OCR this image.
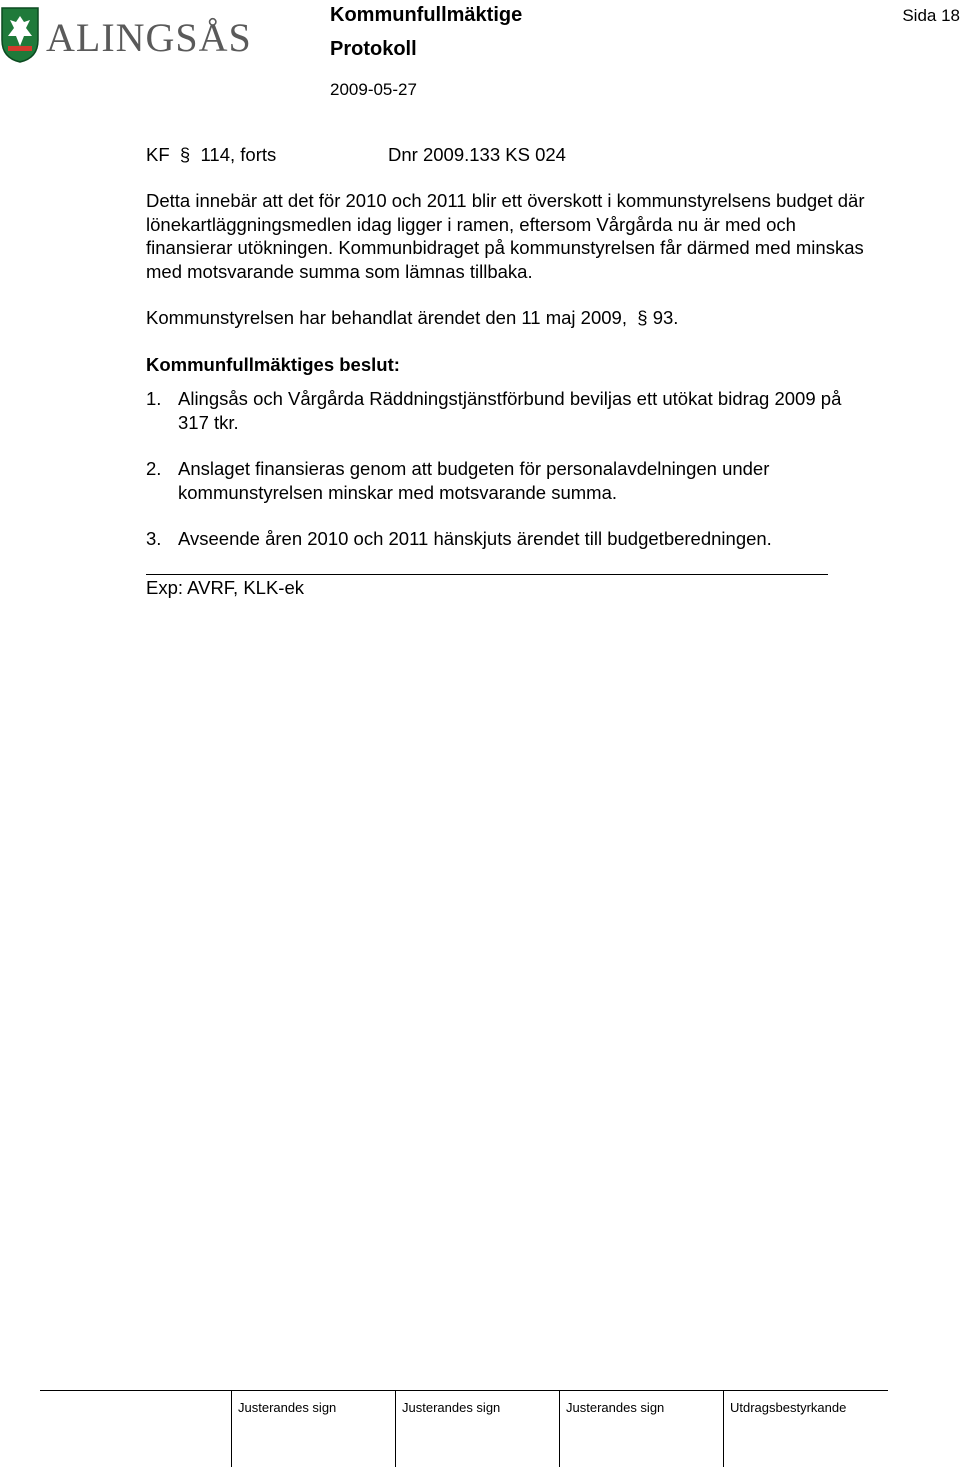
ALINGSÅS	Kommunfullmäktige
Protokoll
2009-05-27
Sida 18
KF  §  114, forts	Dnr 2009.133 KS 024

Detta innebär att det för 2010 och 2011 blir ett överskott i kommunstyrelsens budget där lönekartläggningsmedlen idag ligger i ramen, eftersom Vårgårda nu är med och finansierar utökningen. Kommunbidraget på kommunstyrelsen får därmed med minskas med motsvarande summa som lämnas tillbaka.

Kommunstyrelsen har behandlat ärendet den 11 maj 2009,  § 93.

Kommunfullmäktiges beslut:

1. Alingsås och Vårgårda Räddningstjänstförbund beviljas ett utökat bidrag 2009 på 317 tkr.
2. Anslaget finansieras genom att budgeten för personalavdelningen under kommunstyrelsen minskar med motsvarande summa.
3. Avseende åren 2010 och 2011 hänskjuts ärendet till budgetberedningen.

Exp: AVRF, KLK-ek

Justerandes sign	Justerandes sign	Justerandes sign	Utdragsbestyrkande
